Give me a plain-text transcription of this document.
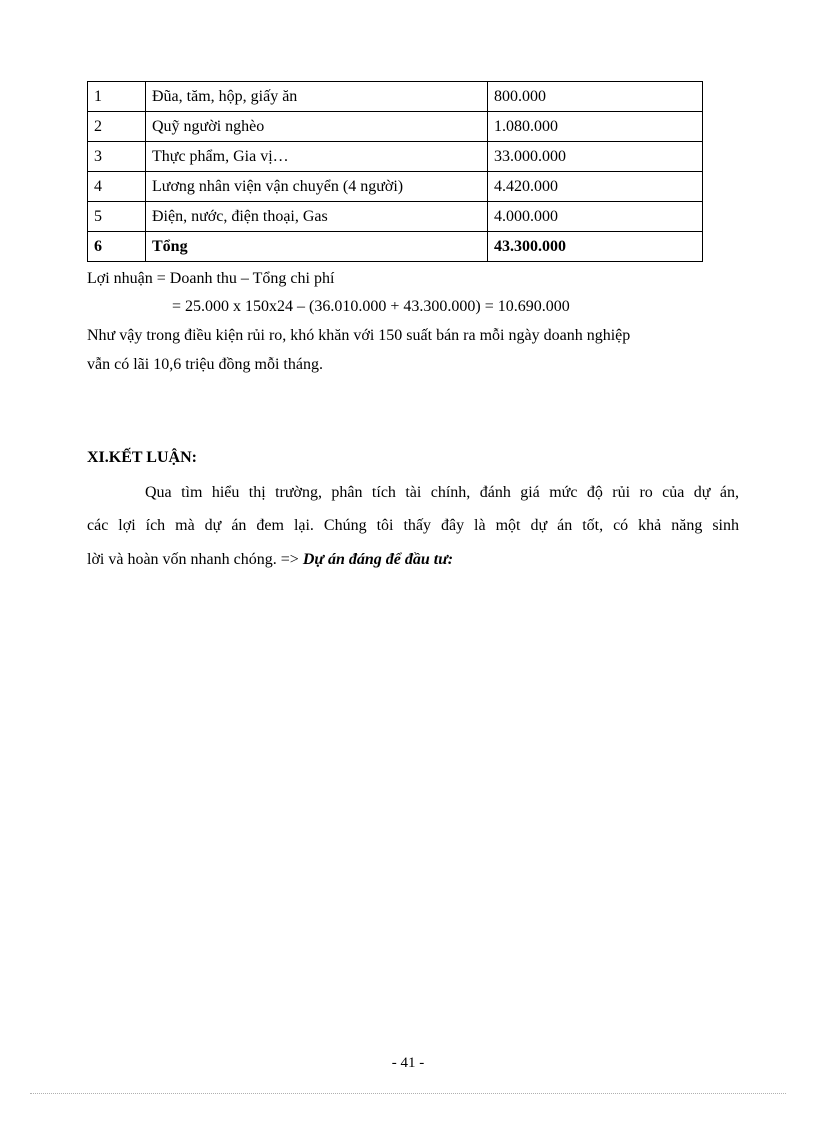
1	Đũa, tăm, hộp, giấy ăn	800.000
2	Quỹ người nghèo	1.080.000
3	Thực phẩm, Gia vị…	33.000.000
4	Lương nhân viện vận chuyển (4 người)	4.420.000
5	Điện, nước, điện thoại, Gas	4.000.000
6	Tổng	43.300.000
Lợi nhuận = Doanh thu – Tổng chi phí
= 25.000 x 150x24 – (36.010.000 + 43.300.000) = 10.690.000
Như vậy trong điều kiện rủi ro, khó khăn với 150 suất bán ra mỗi ngày doanh nghiệp
vẫn có lãi 10,6 triệu đồng mỗi tháng.
XI.KẾT LUẬN:
Qua tìm hiểu thị trường, phân tích tài chính, đánh giá mức độ rủi ro của dự án,
các lợi ích mà dự án đem lại. Chúng tôi thấy đây là một dự án tốt, có khả năng sinh
lời và hoàn vốn nhanh chóng. => Dự án đáng để đầu tư:
- 41 -
